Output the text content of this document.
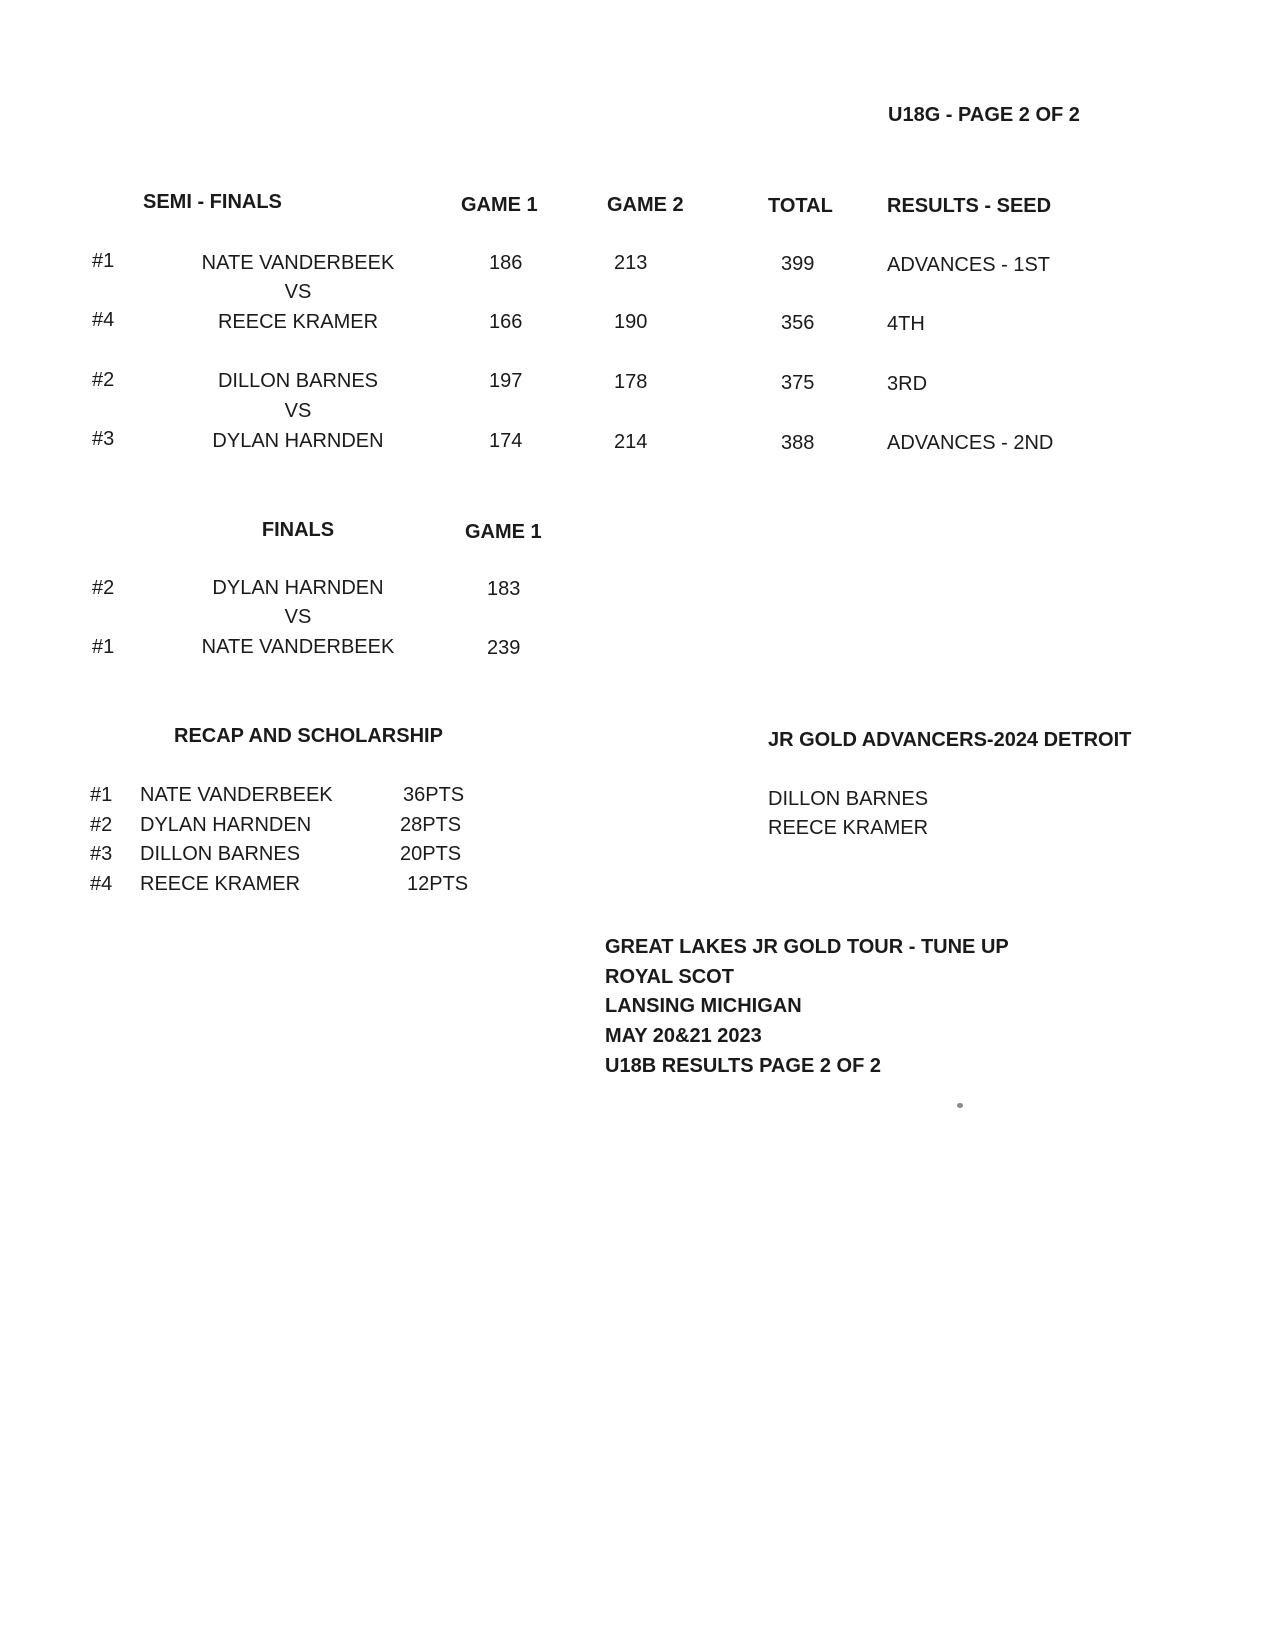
U18G - PAGE 2 OF 2
SEMI - FINALS	GAME 1	GAME 2	TOTAL	RESULTS - SEED
#1	NATE VANDERBEEK	186	213	399	ADVANCES - 1ST
VS
#4	REECE KRAMER	166	190	356	4TH
#2	DILLON BARNES	197	178	375	3RD
VS
#3	DYLAN HARNDEN	174	214	388	ADVANCES - 2ND
FINALS	GAME 1
#2	DYLAN HARNDEN	183
VS
#1	NATE VANDERBEEK	239
RECAP AND SCHOLARSHIP
#1 NATE VANDERBEEK	36PTS
#2 DYLAN HARNDEN	28PTS
#3 DILLON BARNES	20PTS
#4 REECE KRAMER	12PTS
JR GOLD ADVANCERS-2024 DETROIT
DILLON BARNES
REECE KRAMER
GREAT LAKES JR GOLD TOUR - TUNE UP
ROYAL SCOT
LANSING MICHIGAN
MAY 20&21 2023
U18B RESULTS PAGE 2 OF 2
